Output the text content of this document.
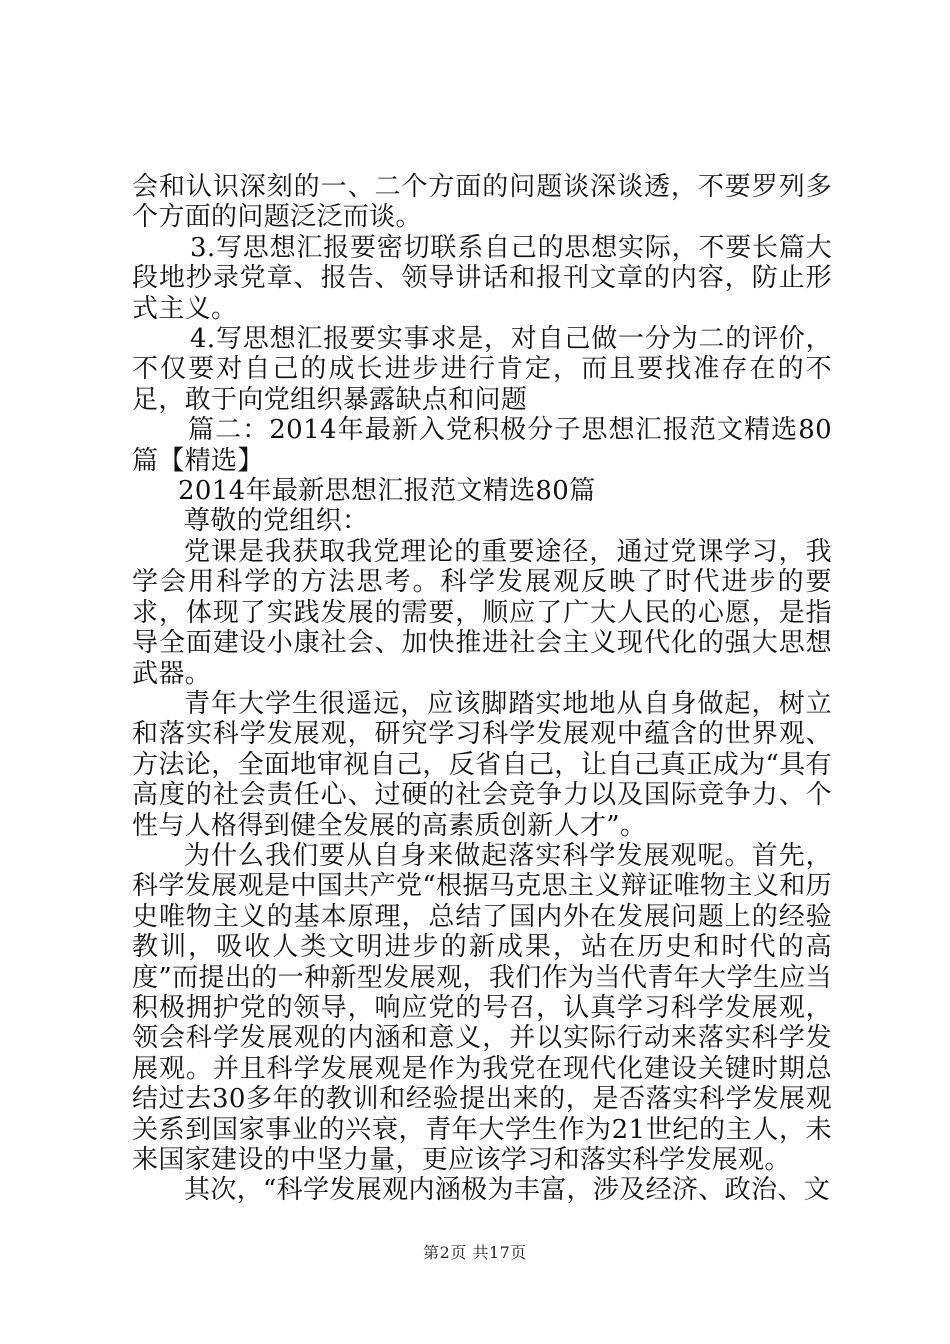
会和认识深刻的一、二个方面的问题谈深谈透，不要罗列多个方面的问题泛泛而谈。

3.写思想汇报要密切联系自己的思想实际，不要长篇大段地抄录党章、报告、领导讲话和报刊文章的内容，防止形式主义。

4.写思想汇报要实事求是，对自己做一分为二的评价，不仅要对自己的成长进步进行肯定，而且要找准存在的不足，敢于向党组织暴露缺点和问题

篇二：2014年最新入党积极分子思想汇报范文精选80篇【精选】

2014年最新思想汇报范文精选80篇

尊敬的党组织：

党课是我获取我党理论的重要途径，通过党课学习，我学会用科学的方法思考。科学发展观反映了时代进步的要求，体现了实践发展的需要，顺应了广大人民的心愿，是指导全面建设小康社会、加快推进社会主义现代化的强大思想武器。

青年大学生很遥远，应该脚踏实地地从自身做起，树立和落实科学发展观，研究学习科学发展观中蕴含的世界观、方法论，全面地审视自己，反省自己，让自己真正成为“具有高度的社会责任心、过硬的社会竞争力以及国际竞争力、个性与人格得到健全发展的高素质创新人才”。

为什么我们要从自身来做起落实科学发展观呢。首先，科学发展观是中国共产党“根据马克思主义辩证唯物主义和历史唯物主义的基本原理，总结了国内外在发展问题上的经验教训，吸收人类文明进步的新成果，站在历史和时代的高度”而提出的一种新型发展观，我们作为当代青年大学生应当积极拥护党的领导，响应党的号召，认真学习科学发展观，领会科学发展观的内涵和意义，并以实际行动来落实科学发展观。并且科学发展观是作为我党在现代化建设关键时期总结过去30多年的教训和经验提出来的，是否落实科学发展观关系到国家事业的兴衰，青年大学生作为21世纪的主人，未来国家建设的中坚力量，更应该学习和落实科学发展观。

其次，“科学发展观内涵极为丰富，涉及经济、政治、文

第2页 共17页
